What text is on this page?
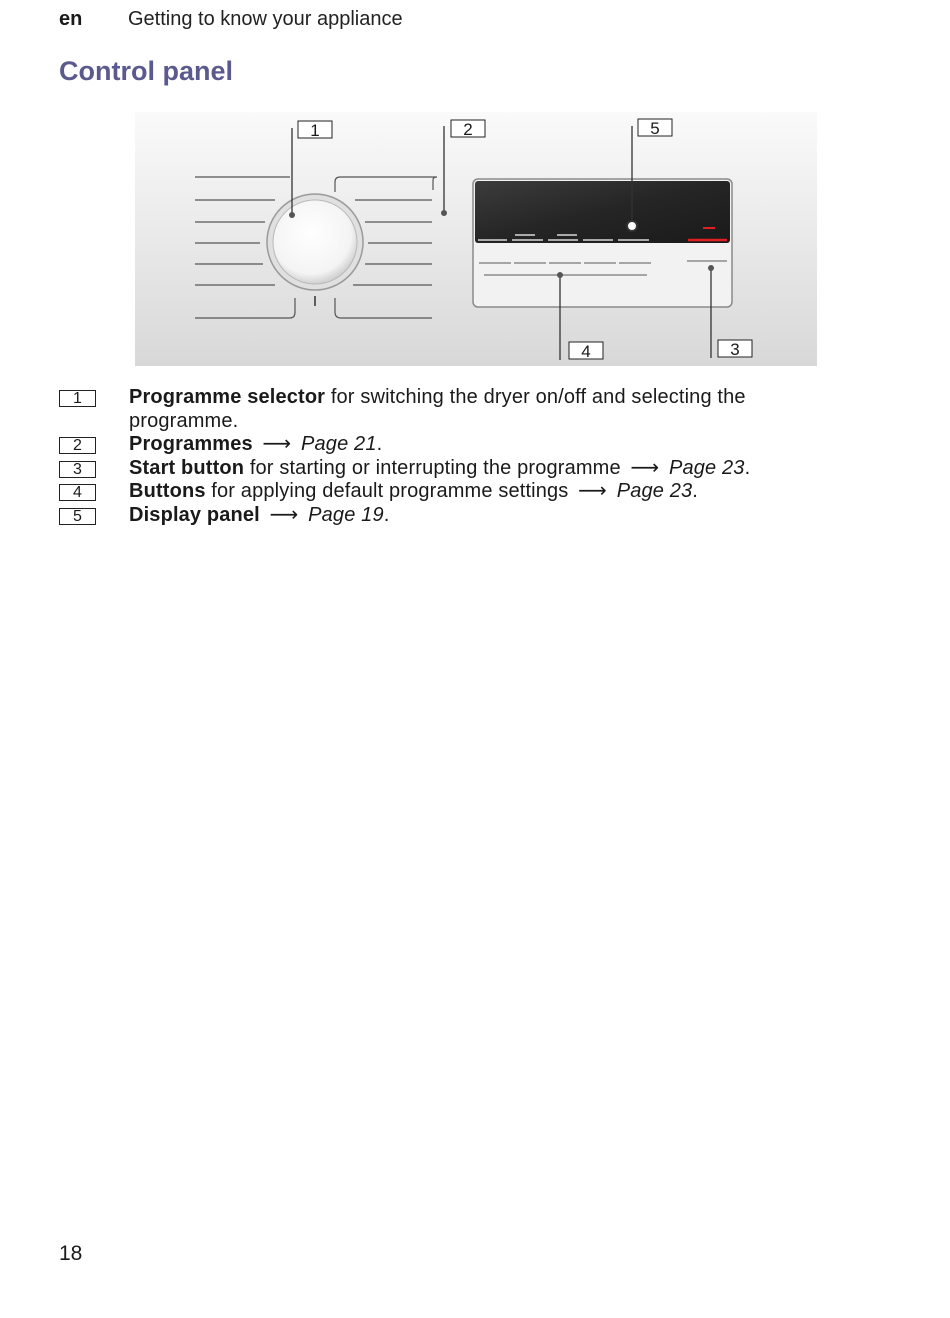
en Getting to know your appliance
Control panel
1	2	5
4	3
1	Programme selector for switching the dryer on/off and selecting the programme.
2	Programmes ⟶ Page 21.
3	Start button for starting or interrupting the programme ⟶ Page 23.
4	Buttons for applying default programme settings ⟶ Page 23.
5	Display panel ⟶ Page 19.
18
